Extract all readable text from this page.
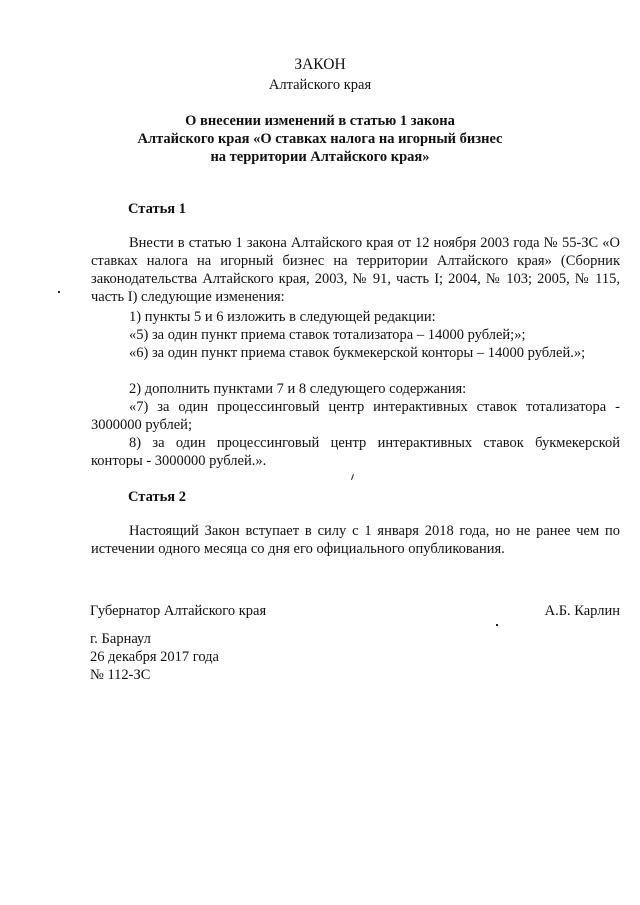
ЗАКОН
Алтайского края
О внесении изменений в статью 1 закона
Алтайского края «О ставках налога на игорный бизнес
на территории Алтайского края»
Статья 1
Внести в статью 1 закона Алтайского края от 12 ноября 2003 года № 55-ЗС «О ставках налога на игорный бизнес на территории Алтайского края» (Сборник законодательства Алтайского края, 2003, № 91, часть I; 2004, № 103; 2005, № 115, часть I) следующие изменения:
1) пункты 5 и 6 изложить в следующей редакции:
«5) за один пункт приема ставок тотализатора – 14000 рублей;»;
«6) за один пункт приема ставок букмекерской конторы – 14000 рублей.»;
2) дополнить пунктами 7 и 8 следующего содержания:
«7) за один процессинговый центр интерактивных ставок тотализатора - 3000000 рублей;
8) за один процессинговый центр интерактивных ставок букмекерской конторы - 3000000 рублей.».
Статья 2
Настоящий Закон вступает в силу с 1 января 2018 года, но не ранее чем по истечении одного месяца со дня его официального опубликования.
Губернатор Алтайского края	А.Б. Карлин
г. Барнаул
26 декабря 2017 года
№ 112-ЗС
